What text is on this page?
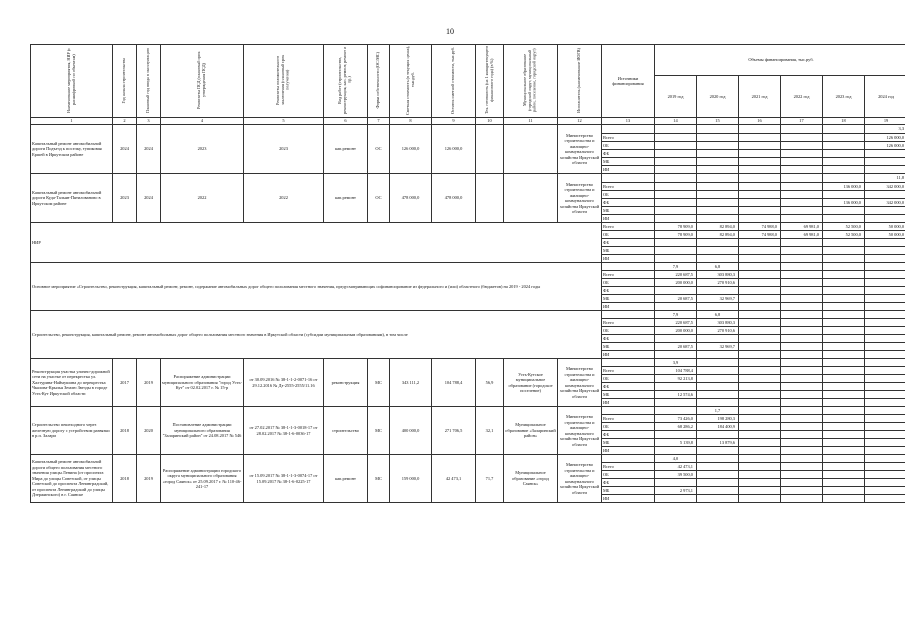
10
Наименование мероприятия, НИР (с расшифровкой по объектам)	Год начала строительства	Плановый год ввода в эксплуатацию	Реквизиты ПСД (плановый срок утверждения ПСД)	Реквизиты положительного заключения (плановый срок получения)	Вид работ (строительство, реконструкция, кап. ремонт, ремонт и пр.)	Форма собственности (ОС/МС)	Сметная стоимость (в текущих ценах), тыс.руб.	Остаток сметной стоимости, тыс.руб.	Тех. готовность (на 1 января текущего финансового года) (в %)	Муниципальное образование (городской округ, муниципальный район, поселение, городской округ)	Исполнитель (наименование ИОГВ)	Источники финансирования	Объемы финансирования, тыс.руб.					
													2019 год	2020 год	2021 год	2022 год	2023 год	2024 год
1	2	3	4	5	6	7	8	9	10	11	12	13	14	15	16	17	18	19
Капитальный ремонт автомобильной дороги Подъезд к поселку, тупиковая Ершей в Иркутском районе	2024	2024	2023	2023	кап.ремонт	ОС	126 000,0	126 000,0			Министерство строительства и жилищно-коммунального хозяйства Иркутской области							3,3
												Всего						126 000,0
												ОБ						126 000,0
												ФБ						
												МБ						
												ИИ						
Капитальный ремонт автомобильной дороги Куда-Тальян-Пятилованово в Иркутском районе	2023	2024	2022	2022	кап.ремонт	ОС	478 000,0	478 000,0			Министерство строительства и жилищно-коммунального хозяйства Иркутской области							11,8
												Всего					136 000,0	342 000,0
												ОБ						
												ФБ					136 000,0	342 000,0
												МБ						
												ИИ						
НИР												Всего	78 909,0	82 894,0	74 988,0	69 981,0	52 500,0	50 000,0
												ОБ	78 909,0	82 894,0	74 988,0	69 981,0	52 500,0	50 000,0
												ФБ						
												МБ						
												ИИ						
Основное мероприятие «Строительство, реконструкция, капитальный ремонт, ремонт, содержание автомобильных дорог общего пользования местного значения, предусматривающих софинансирование из федерального и (или) областного (бюджетов) на 2019 - 2024 годы													7,9	6,8				
												Всего	220 687,5	303 880,3				
												ОБ	200 000,0	270 910,6				
												ФБ						
												МБ	20 687,5	32 969,7				
												ИИ						
Строительство, реконструкция, капитальный ремонт, ремонт автомобильных дорог общего пользования местного значения в Иркутской области (субсидии муниципальным образованиям), в том числе													7,9	6,8				
												Всего	220 687,5	303 880,3				
												ОБ	200 000,0	270 910,6				
												ФБ						
												МБ	20 687,5	32 969,7				
												ИИ						
Реконструкция участка улично-дорожной сети на участке от перекрестка ул. Халтурина-Наймушина до перекрестка Чкалова-Крылья Землю Звезды в городе Усть-Кут Иркутской области	2017	2019	Распоряжение администрации муниципального образования "город Усть-Кут" от 02.02.2017 г. № 15-р	от 30.09.2016 № 38-1-1-2-0071-16 от 29.12.2016 № Дз-2555-2555/11.16	реконструкция	МС	343 111,2	104 788,4	56,9	Усть-Кутское муниципальное образование (городское поселение)	Министерство строительства и жилищно-коммунального хозяйства Иркутской области		3,9					
												Всего	104 788,4					
												ОБ	92 213,8					
												ФБ						
												МБ	12 574,6					
												ИИ						
Строительство пешеходного через железную дорогу с устройством развязки в р.п. Залари	2018	2020	Постановление администрации муниципального образования "Заларинский район" от 24.08.2017 № 546	от 27.02.2017 № 38-1-1-3-0018-17 от 28.02.2017 № 38-1-6-0036-17	строительство	МС	400 000,0	271 706,5	32,1	Муниципальное образование «Заларинский район»	Министерство строительства и жилищно-коммунального хозяйства Иркутской области			1,7				
												Всего	73 426,0	198 280,3				
												ОБ	68 286,2	184 400,9				
												ФБ						
												МБ	5 139,8	13 879,6				
												ИИ						
Капитальный ремонт автомобильной дороги общего пользования местного значения улицы Ленина (от проспекта Мира до улицы Советской, от улицы Советской до проспекта Ленинградский, от проспекта Ленинградский до улицы Дзержинского) в г. Саянске	2018	2019	Распоряжение администрации городского округа муниципального образования «город Саянск» от 25.09.2017 г. № 110-46-241-17	от 15.09.2017 № 38-1-1-3-0074-17 от 15.09.2017 № 38-1-6-0225-17	кап.ремонт	МС	159 000,0	42 473,1	71,7	Муниципальное образование «город Саянск»	Министерство строительства и жилищно-коммунального хозяйства Иркутской области		4,0					
												Всего	42 473,1					
												ОБ	39 500,0					
												ФБ						
												МБ	2 973,1					
												ИИ						
